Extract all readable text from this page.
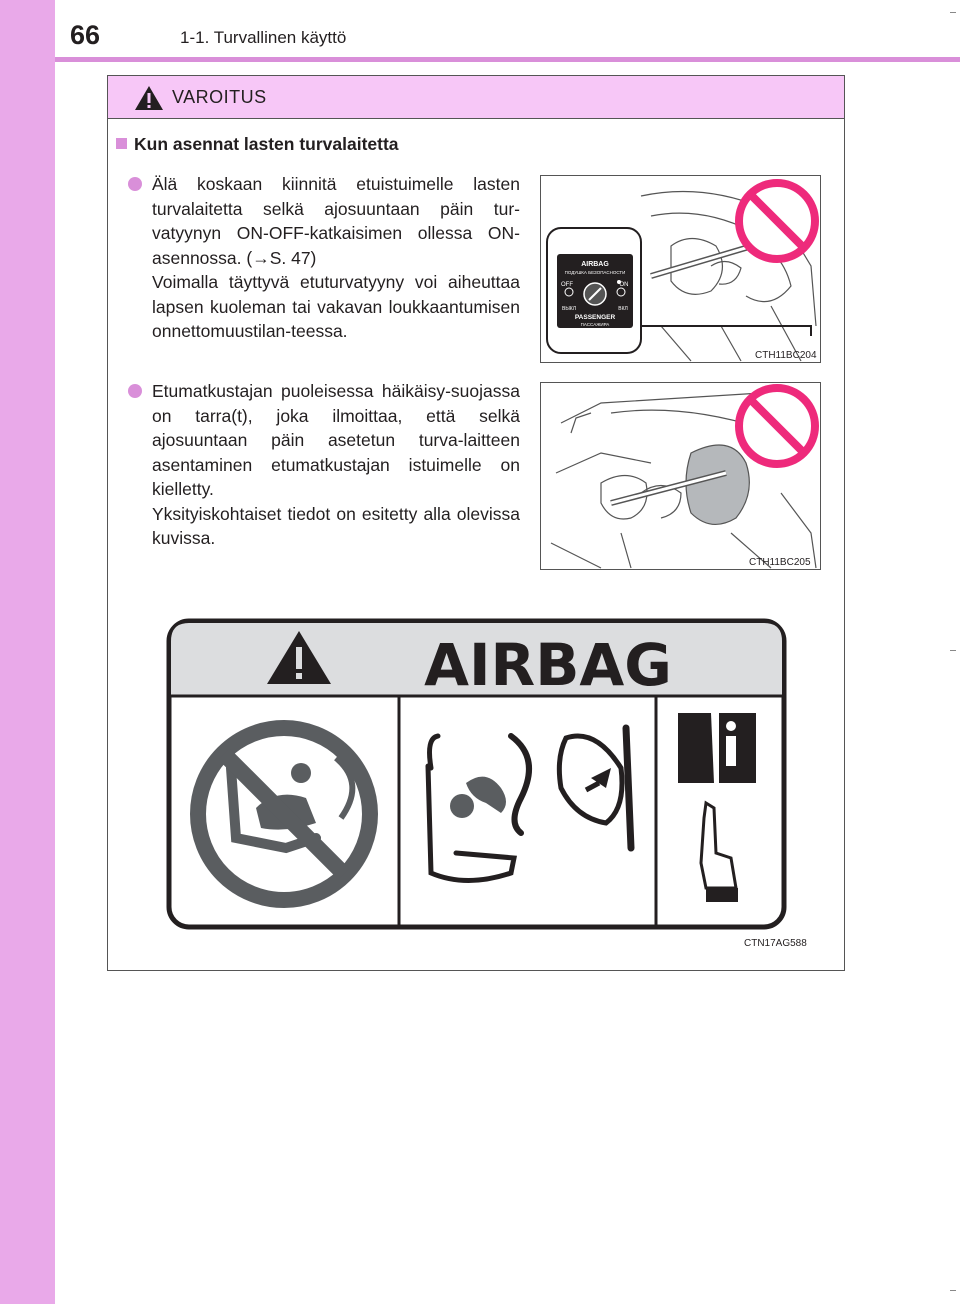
66	1-1. Turvallinen käyttö
VAROITUS
Kun asennat lasten turvalaitetta

Älä koskaan kiinnitä etuistuimelle lasten turvalaitetta selkä ajosuuntaan päin tur-vatyynyn ON-OFF-katkaisimen ollessa ON-asennossa. (→S. 47)

Voimalla täyttyvä etuturvatyyny voi aiheuttaa lapsen kuoleman tai vakavan loukkaantumisen onnettomuustilan-teessa.

Etumatkustajan puoleisessa häikäisy-suojassa on tarra(t), joka ilmoittaa, että selkä ajosuuntaan päin asetetun turva-laitteen asentaminen etumatkustajan istuimelle on kielletty.

Yksityiskohtaiset tiedot on esitetty alla olevissa kuvissa.

AIRBAG
ПОДУШКА БЕЗОПАСНОСТИ
OFF	ON
ВЫКЛ	ВКЛ
PASSENGER
ПАССАЖИРА
CTH11BC204
CTH11BC205
AIRBAG
CTN17AG588
